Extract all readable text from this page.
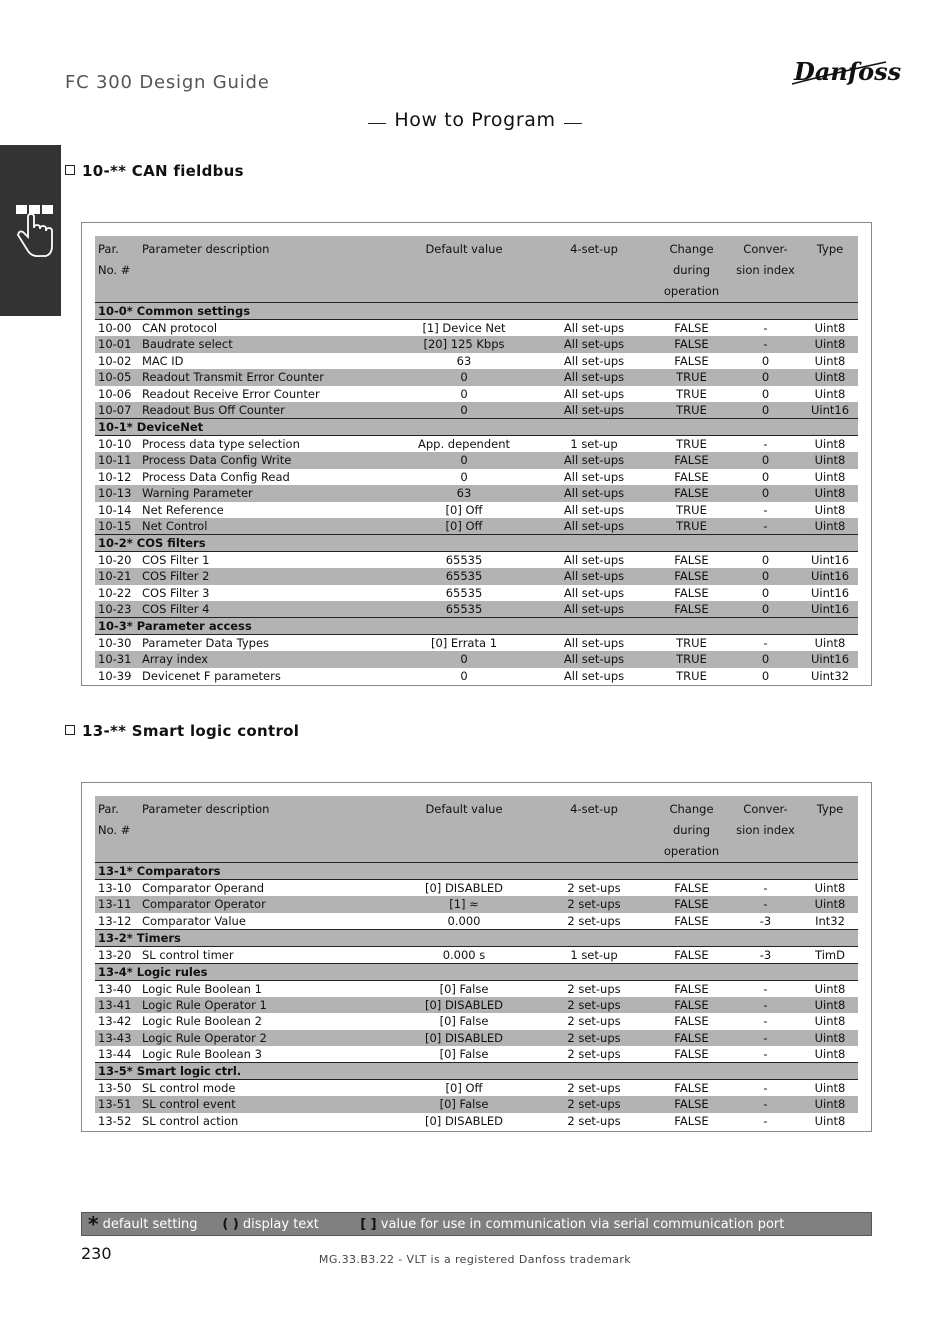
FC 300 Design Guide	Danfoss
How to Program
10-** CAN fieldbus
Par.
No. #	Parameter description	Default value	4-set-up	Change
during
operation	Conver-
sion index	Type
10-0* Common settings						
10-00	CAN protocol	[1] Device Net	All set-ups	FALSE	-	Uint8
10-01	Baudrate select	[20] 125 Kbps	All set-ups	FALSE	-	Uint8
10-02	MAC ID	63	All set-ups	FALSE	0	Uint8
10-05	Readout Transmit Error Counter	0	All set-ups	TRUE	0	Uint8
10-06	Readout Receive Error Counter	0	All set-ups	TRUE	0	Uint8
10-07	Readout Bus Off Counter	0	All set-ups	TRUE	0	Uint16
10-1* DeviceNet						
10-10	Process data type selection	App. dependent	1 set-up	TRUE	-	Uint8
10-11	Process Data Config Write	0	All set-ups	FALSE	0	Uint8
10-12	Process Data Config Read	0	All set-ups	FALSE	0	Uint8
10-13	Warning Parameter	63	All set-ups	FALSE	0	Uint8
10-14	Net Reference	[0] Off	All set-ups	TRUE	-	Uint8
10-15	Net Control	[0] Off	All set-ups	TRUE	-	Uint8
10-2* COS filters						
10-20	COS Filter 1	65535	All set-ups	FALSE	0	Uint16
10-21	COS Filter 2	65535	All set-ups	FALSE	0	Uint16
10-22	COS Filter 3	65535	All set-ups	FALSE	0	Uint16
10-23	COS Filter 4	65535	All set-ups	FALSE	0	Uint16
10-3* Parameter access						
10-30	Parameter Data Types	[0] Errata 1	All set-ups	TRUE	-	Uint8
10-31	Array index	0	All set-ups	TRUE	0	Uint16
10-39	Devicenet F parameters	0	All set-ups	TRUE	0	Uint32
13-** Smart logic control
Par.
No. #	Parameter description	Default value	4-set-up	Change
during
operation	Conver-
sion index	Type
13-1* Comparators						
13-10	Comparator Operand	[0] DISABLED	2 set-ups	FALSE	-	Uint8
13-11	Comparator Operator	[1] ≈	2 set-ups	FALSE	-	Uint8
13-12	Comparator Value	0.000	2 set-ups	FALSE	-3	Int32
13-2* Timers						
13-20	SL control timer	0.000 s	1 set-up	FALSE	-3	TimD
13-4* Logic rules						
13-40	Logic Rule Boolean 1	[0] False	2 set-ups	FALSE	-	Uint8
13-41	Logic Rule Operator 1	[0] DISABLED	2 set-ups	FALSE	-	Uint8
13-42	Logic Rule Boolean 2	[0] False	2 set-ups	FALSE	-	Uint8
13-43	Logic Rule Operator 2	[0] DISABLED	2 set-ups	FALSE	-	Uint8
13-44	Logic Rule Boolean 3	[0] False	2 set-ups	FALSE	-	Uint8
13-5* Smart logic ctrl.						
13-50	SL control mode	[0] Off	2 set-ups	FALSE	-	Uint8
13-51	SL control event	[0] False	2 set-ups	FALSE	-	Uint8
13-52	SL control action	[0] DISABLED	2 set-ups	FALSE	-	Uint8
* default setting ( ) display text	[ ] value for use in communication via serial communication port
230	MG.33.B3.22 - VLT is a registered Danfoss trademark
